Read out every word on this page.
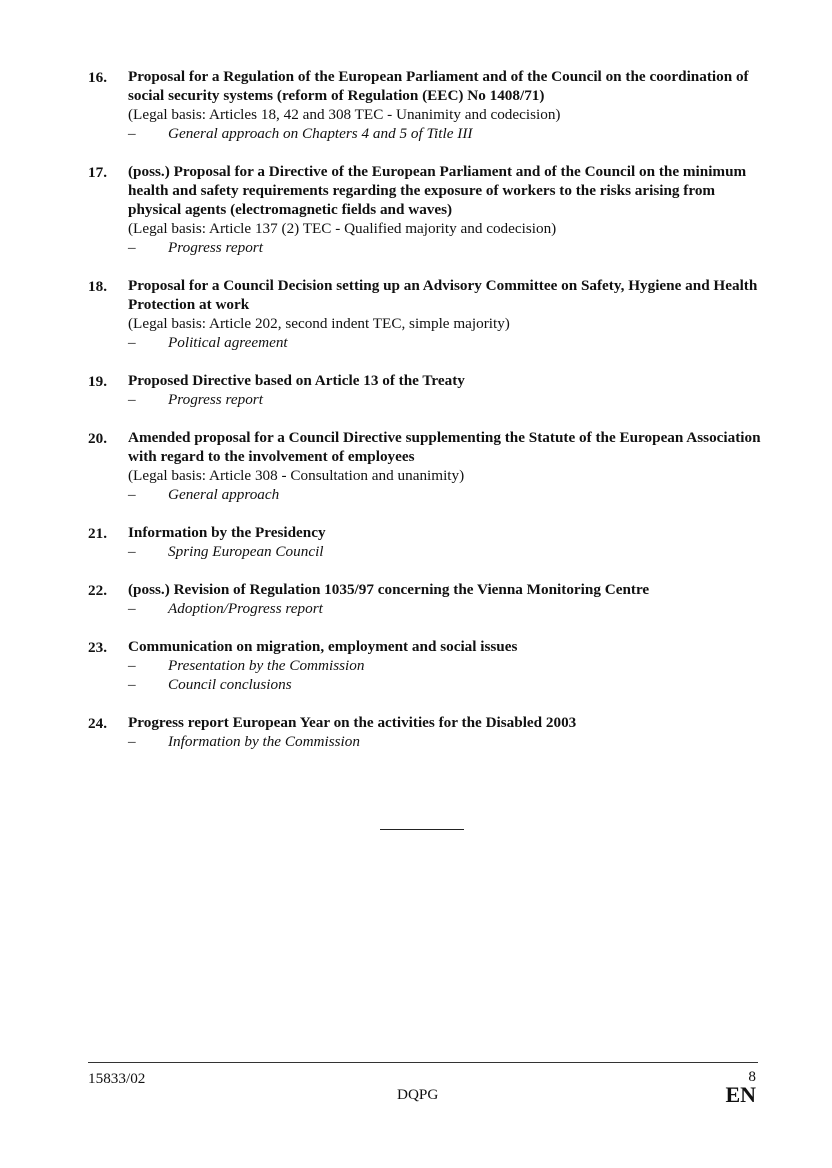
16.	Proposal for a Regulation of the European Parliament and of the Council on the coordination of social security systems (reform of Regulation (EEC) No 1408/71)
(Legal basis: Articles 18, 42 and 308 TEC - Unanimity and codecision)
–	General approach on Chapters 4 and 5 of Title III
17.	(poss.) Proposal for a Directive of the European Parliament and of the Council on the minimum health and safety requirements regarding the exposure of workers to the risks arising from physical agents (electromagnetic fields and waves)
(Legal basis: Article 137 (2) TEC - Qualified majority and codecision)
–	Progress report
18.	Proposal for a Council Decision setting up an Advisory Committee on Safety, Hygiene and Health Protection at work
(Legal basis: Article 202, second indent TEC, simple majority)
–	Political agreement
19.	Proposed Directive based on Article 13 of the Treaty
–	Progress report
20.	Amended proposal for a Council Directive supplementing the Statute of the European Association with regard to the involvement of employees
(Legal basis: Article 308 - Consultation and unanimity)
–	General approach
21.	Information by the Presidency
–	Spring European Council
22.	(poss.) Revision of Regulation 1035/97 concerning the Vienna Monitoring Centre
–	Adoption/Progress report
23.	Communication on migration, employment and social issues
–	Presentation by the Commission
–	Council conclusions
24.	Progress report European Year on the activities for the Disabled 2003
–	Information by the Commission
15833/02
DQPG
8
EN
